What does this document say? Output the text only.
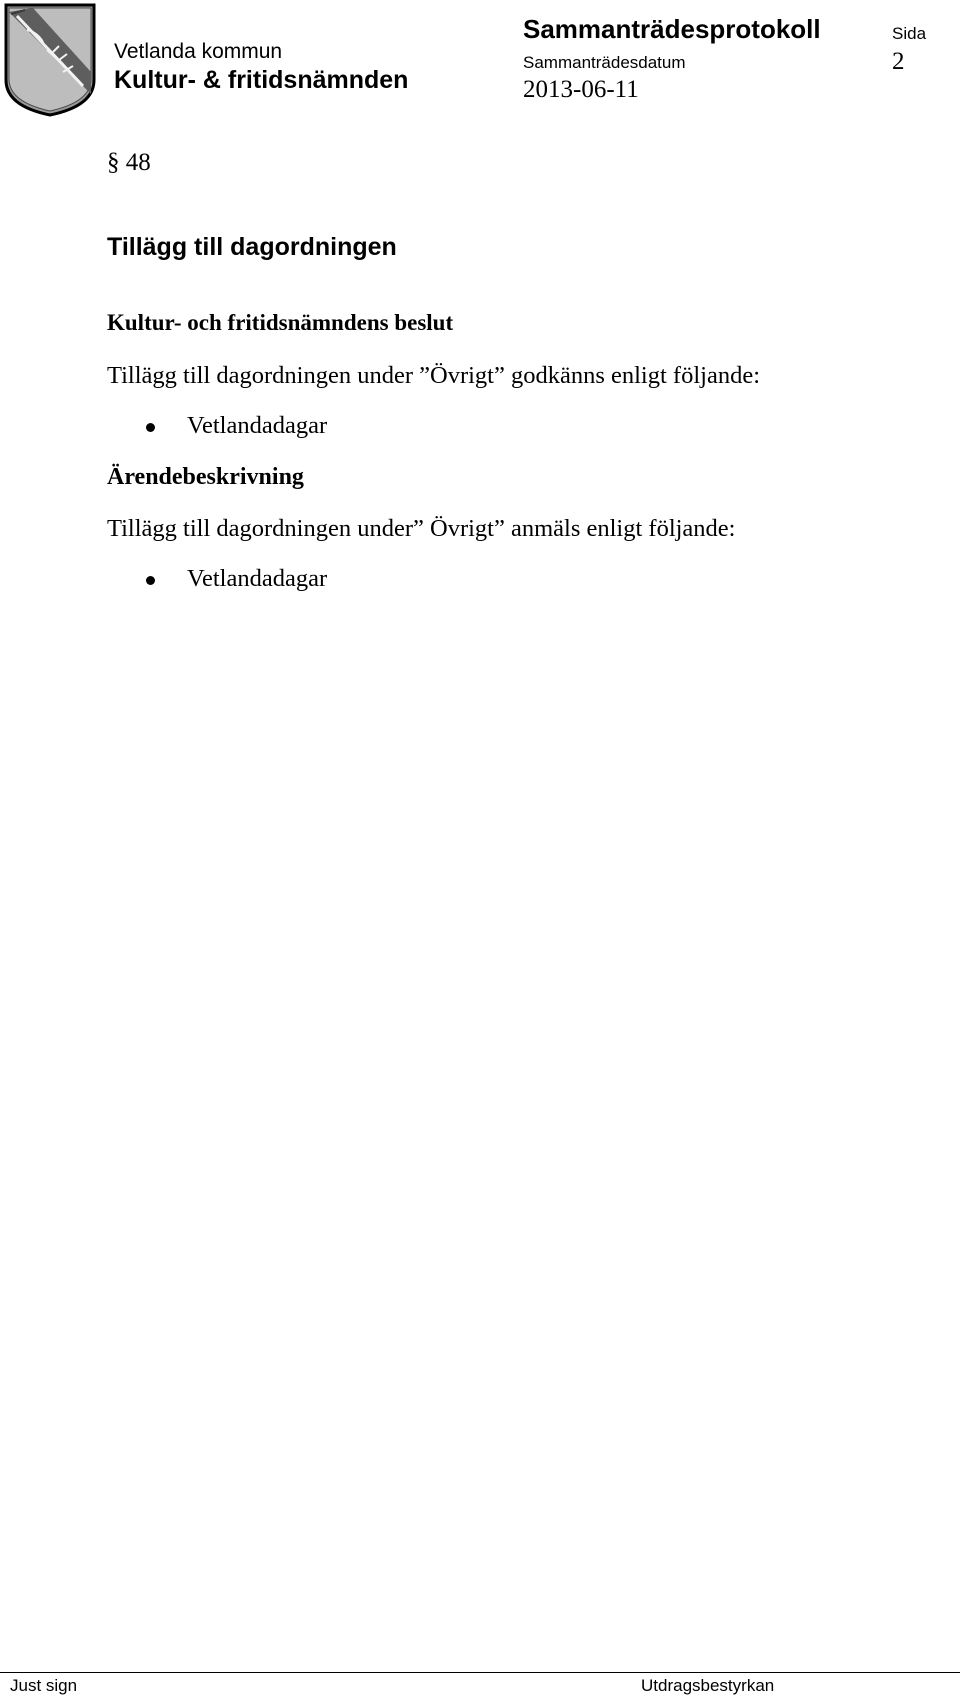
Vetlanda kommun
Kultur- & fritidsnämnden
Sammanträdesprotokoll
Sammanträdesdatum
2013-06-11
Sida
2
§ 48
Tillägg till dagordningen
Kultur- och fritidsnämndens beslut
Tillägg till dagordningen under ”Övrigt” godkänns enligt följande:
Vetlandadagar
Ärendebeskrivning
Tillägg till dagordningen under” Övrigt” anmäls enligt följande:
Vetlandadagar
Just sign	Utdragsbestyrkan
